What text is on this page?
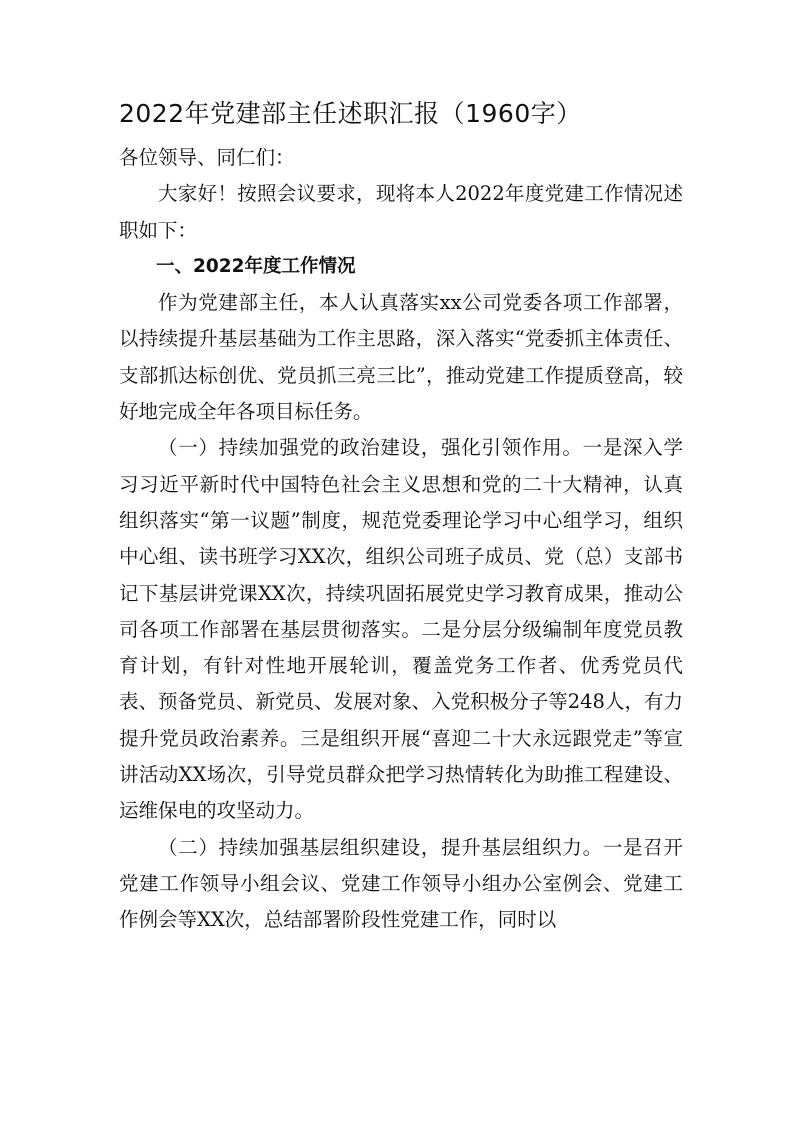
2022年党建部主任述职汇报（1960字）

各位领导、同仁们：

大家好！按照会议要求，现将本人2022年度党建工作情况述职如下：

一、2022年度工作情况

作为党建部主任，本人认真落实xx公司党委各项工作部署，以持续提升基层基础为工作主思路，深入落实“党委抓主体责任、支部抓达标创优、党员抓三亮三比”，推动党建工作提质登高，较好地完成全年各项目标任务。

（一）持续加强党的政治建设，强化引领作用。一是深入学习习近平新时代中国特色社会主义思想和党的二十大精神，认真组织落实“第一议题”制度，规范党委理论学习中心组学习，组织中心组、读书班学习XX次，组织公司班子成员、党（总）支部书记下基层讲党课XX次，持续巩固拓展党史学习教育成果，推动公司各项工作部署在基层贯彻落实。二是分层分级编制年度党员教育计划，有针对性地开展轮训，覆盖党务工作者、优秀党员代表、预备党员、新党员、发展对象、入党积极分子等248人，有力提升党员政治素养。三是组织开展“喜迎二十大永远跟党走”等宣讲活动XX场次，引导党员群众把学习热情转化为助推工程建设、运维保电的攻坚动力。

（二）持续加强基层组织建设，提升基层组织力。一是召开党建工作领导小组会议、党建工作领导小组办公室例会、党建工作例会等XX次，总结部署阶段性党建工作，同时以
